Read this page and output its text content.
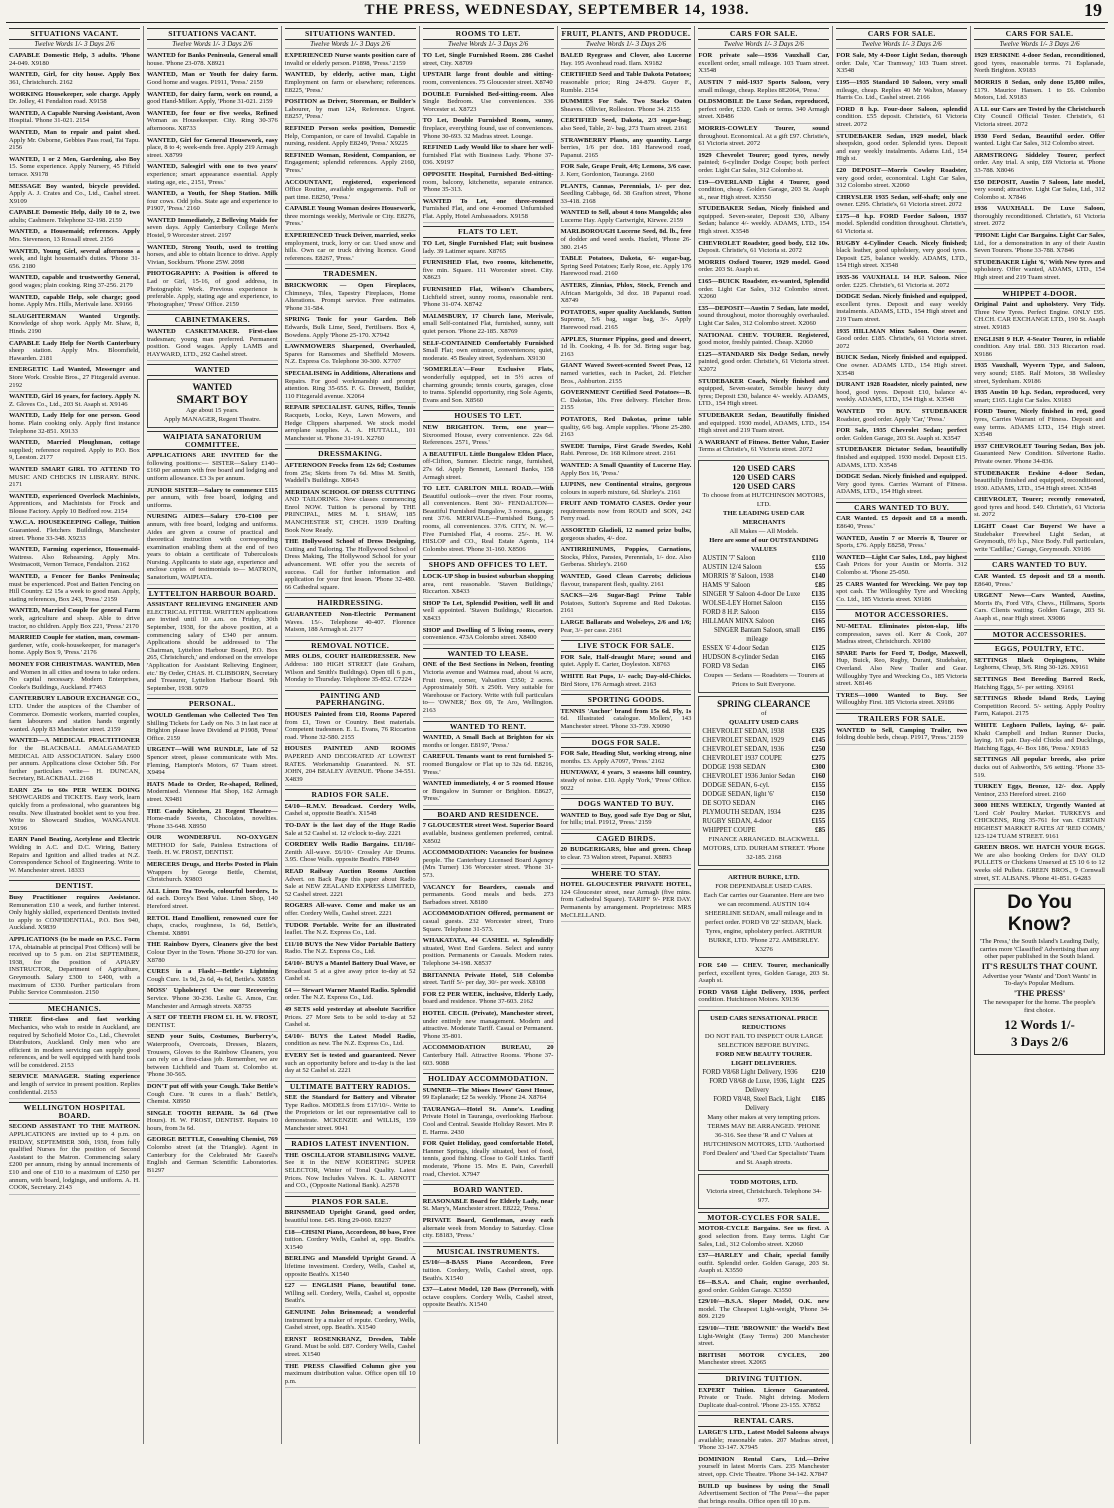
THE PRESS, WEDNESDAY, SEPTEMBER 14, 1938.	19
SITUATIONS VACANT.
Twelve Words 1/- 3 Days 2/6

CAPABLE Domestic Help, 3 adults. 'Phone 24-049. X9180

WANTED, Girl, for city house. Apply Box 361, Christchurch. 2162

WORKING Housekeeper, sole charge. Apply Dr. Jolley, 41 Fendalton road. X9158

WANTED, A Capable Nursing Assistant, Avon Hospital. 'Phone 31-021. 2154

WANTED, Man to repair and paint shed. Apply Mr. Osborne, Gebbies Pass road, Tai Tapu. 2156

WANTED, 1 or 2 Men, Gardening, also Boy 15. Some experience. Apply Nursery, 45 Fifield terrace. X9178

MESSAGE Boy wanted, bicycle provided. Apply A. J. Crates and Co., Ltd., Cashel street. X9109

CAPABLE Domestic Help, daily 10 to 2, two adults; Cashmere. Telephone 32-198. 2159

WANTED, a Housemaid; references. Apply Mrs. Stevenson, 13 Rossall street. 2156

WANTED, Young Girl, several afternoons a week, and light housemaid's duties. 'Phone 31-656. 2180

WANTED, capable and trustworthy General, good wages; plain cooking. Ring 37-256. 2179

WANTED, capable Help, sole charge; good home. Apply Mrs. Hills, Merivale lane. X9166

SLAUGHTERMAN Wanted Urgently. Knowledge of shop work. Apply Mr. Shaw, 8, Hinds. 2190

CAPABLE Lady Help for North Canterbury sheep station. Apply Mrs. Bloomfield, Hawarden. 2181

ENERGETIC Lad Wanted, Messenger and Store Work. Crosbie Bros., 27 Fitzgerald avenue. 2192

WANTED, Girl 16 years, for factory. Apply N. Z. Gloves Co., Ltd., 203 St. Asaph st. X9146

WANTED, Lady Help for one person. Good home. Plain cooking only. Apply first instance Telephone 32-851. X9133

WANTED, Married Ploughman, cottage supplied; reference required. Apply to P.O. Box 9, Leeston. 2177

WANTED SMART GIRL TO ATTEND TO MUSIC AND CHECKS IN LIBRARY. BINK. 2171

WANTED, experienced Overlock Machinists, Apprentices, and Machinists for Frock and Blouse Factory. Apply 10 Bedford row. 2154

Y.W.C.A. HOUSEKEEPING College, Tuition Guaranteed. Fletchers Buildings, Manchester street. 'Phone 33-348. X9233

WANTED, Farming experience, Housemaid-Waitress. Also Rehearsing. Apply Mrs. Westmacott, Vernon Terrace, Fendalton. 2162

WANTED, a Fencer for Banks Peninsula; must be experienced. Post and Batten Fencing on Hill Country. £2 15s a week to good man. Apply, stating references, Box 243, 'Press.' 2159

WANTED, Married Couple for general Farm work, agriculture and sheep. Able to drive tractor, no children. Apply Box 221, 'Press.' 2170

MARRIED Couple for station, man, cowman-gardener, wife, cook-housekeeper, for manager's home. Apply Box 9, 'Press.' 2176

MONEY FOR CHRISTMAS. WANTED, Men and Women in all cities and towns to take orders. No capital necessary. Modern Enterprises, Cooke's Buildings, Auckland. F7463

CANTERBURY LABOUR EXCHANGE CO., LTD. Under the auspices of the Chamber of Commerce. Domestic workers, married couples, farm labourers and station hands urgently wanted. Apply 83 Manchester street. 2159

WANTED—A MEDICAL PRACTITIONER for the BLACKBALL AMALGAMATED MEDICAL AID ASSOCIATION. Salary £600 per annum. Applications close October 5th. For further particulars write— H. DUNCAN, Secretary, BLACKBALL. 2168

EARN 25s to 60s PER WEEK DOING SHOWCARDS and TICKETS. Easy work, learn quickly from a professional, who guarantees big results. New illustrated booklet sent to you free. Write to Showcard Studios, WANGANUI. X9196

EARN Panel Beating, Acetylene and Electric Welding in A.C. and D.C. Wiring, Battery Repairs and Ignition and allied trades at N.Z. Correspondence School of Engineering. Write to W. Manchester street. 18333

DENTIST.

Busy Practitioner requires Assistance. Remuneration £10 a week, and further interest. Only highly skilled, experienced Dentists invited to apply to CONFIDENTIAL, P.O. Box 940, Auckland. X9839

APPLICATIONS (to be made on P.S.C. Form 17A, obtainable at principal Post Offices) will be received up to 5 p.m. on 21st SEPTEMBER, 1938, for the position of APIARY INSTRUCTOR, Department of Agriculture, Greymouth. Salary £300 to £400, with a maximum of £330. Further particulars from Public Service Commission. 2150

MECHANICS.

THREE first-class and fast working Mechanics, who wish to reside in Auckland, are required by Schofield Motor Co., Ltd., Chevrolet Distributors, Auckland. Only men who are efficient in modern servicing can supply good references, and be well equipped with hand tools will be considered. 2153

SERVICE MANAGER. Stating experience and length of service in present position. Replies confidential. 2153

WELLINGTON HOSPITAL BOARD.

SECOND ASSISTANT TO THE MATRON. APPLICATIONS are invited up to 4 p.m. on FRIDAY, SEPTEMBER 30th, 1938, from fully qualified Nurses for the position of Second Assistant to the Matron. Commencing salary £200 per annum, rising by annual increments of £10 and one of £10 to a maximum of £250 per annum, with board, lodgings, and uniform. A. H. COOK, Secretary. 2143

SITUATIONS VACANT.
Twelve Words 1/- 3 Days 2/6

WANTED for Banks Peninsula, General small house. 'Phone 23-078. X8921

WANTED, Man or Youth for dairy farm. Good home and wages. P1911, 'Press.' 2159

WANTED, for dairy farm, work on round, a good Hand-Milker. Apply, 'Phone 31-021. 2159

WANTED, for four or five weeks, Refined Woman as Housekeeper. City. Ring 30-376 afternoons. X8733

WANTED, Girl for General Housework, easy place, 8 to 4; week-ends free. Apply 219 Armagh street. X8799

WANTED, Salesgirl with one to two years' experience; smart appearance essential. Apply stating age, etc., 2151, 'Press.'

WANTED, a Youth, for Shop Station. Milk four cows. Odd jobs. State age and experience to P1907, 'Press.' 2160

WANTED Immediately, 2 Belleving Maids for seven days. Apply Canterbury College Men's Hostel, 9 Worcester street. 2197

WANTED, Strong Youth, used to trotting horses, and able to obtain licence to drive. Apply Vivian, Sockburn. 'Phone 25W. 2098

PHOTOGRAPHY: A Position is offered to Lad or Girl, 15-16, of good address, in Photographic Work. Previous experience is preferable. Apply, stating age and experience, to 'Photographer,' 'Press' Office. 2159

CABINETMAKERS.

WANTED CASKETMAKER. First-class tradesman; young man preferred. Permanent position. Good wages. Apply LAMB and HAYWARD, LTD., 292 Cashel street.

WANTED
WANTED
SMART BOY
Age about 15 years.
Apply MANAGER, Regent Theatre.
WAIPIATA SANATORIUM COMMITTEE.

APPLICATIONS ARE INVITED for the following positions:— SISTER—Salary £140–£160 per annum with free board and lodging and uniform allowance. £3 3s per annum.

JUNIOR SISTER—Salary to commence £115 per annum, with free board, lodging and uniforms.

NURSING AIDES—Salary £70–£100 per annum, with free board, lodging and uniforms. Aides are given a course of practical and theoretical instruction with corresponding examination enabling them at the end of two years to obtain a certificate of Tuberculosis Nursing. Applicants to state age, experience and enclose copies of testimonials to— MATRON, Sanatorium, WAIPIATA.

LYTTELTON HARBOUR BOARD.

ASSISTANT RELIEVING ENGINEER AND ELECTRICAL FITTER. WRITTEN applications are invited until 10 a.m. on Friday, 30th September, 1938, for the above position, at a commencing salary of £340 per annum. Applications should be addressed to 'The Chairman, Lyttelton Harbour Board, P.O. Box 265, Christchurch,' and endorsed on the envelope 'Application for Assistant Relieving Engineer, etc.' By Order, CHAS. H. CLIBBORN, Secretary and Treasurer, Lyttelton Harbour Board. 9th September, 1938. 9079

PERSONAL.

WOULD Gentleman who Collected Two Ten Shilling Tickets for Lady on No. 3 in last race at Brighton please leave Dividend at P1908, 'Press' Office. 2159

URGENT—Will WM RUNDLE, late of 52 Spencer street, please communicate with Mrs. Fleming, Hampton's Motors, 67 Tuam street. X9494

HATS Made to Order, Re-shaped, Relined, Modernised. Viennese Hat Shop, 162 Armagh street. X9481

THE Candy Kitchen, 21 Regent Theatre—Home-made Sweets, Chocolates, novelties. 'Phone 33-648. X8950

OUR WONDERFUL NO-OXYGEN METHOD for Safe, Painless Extractions of Teeth. H. W. FROST, DENTIST.

MERCERS Drugs, and Herbs Posted in Plain Wrappers by George Bettle, Chemist, Christchurch. X9803

ALL Linen Tea Towels, colourful borders, 1s 6d each. Dorcy's Best Value. Linen Shop, 140 Hereford street.

RETOL Hand Emollient, renowned cure for chaps, cracks, roughness, 1s 6d, Bettle's, Chemist. X8891

THE Rainbow Dyers, Cleaners give the best Colour Dyer in the Town. 'Phone 30-270 for van. X8780

CURES in a Flash!—Bettle's Lightning Cough Cure. 1s 9d, 2s 6d, 4s 6d, Bettle's. X8855

MOSS' Upholstery! Use our Recovering Service. 'Phone 30-236. Leslie G. Amos, Cnr. Manchester and Armagh streets. X8755

A SET OF TEETH FROM £1. H. W. FROST, DENTIST.

SEND your Suits, Costumes, Burberry's, Waterproofs, Overcoats, Dresses, Blazers, Trousers, Gloves to the Rainbow Cleaners, you can rely on a first-class job. Remember, we are between Lichfield and Tuam st. Colombo st. 'Phone 30-565.

DON'T put off with your Cough. Take Bettle's Cough Cure. 'It cures in a flash.' Bettle's, Chemist. X8950

SINGLE TOOTH REPAIR. 3s 6d (Two Hours). H. W. FROST, DENTIST. Repairs 10 hours, from 3s 6d.

GEORGE BETTLE, Consulting Chemist, 769 Colombo street (at the Triangle). Agent in Canterbury for the Celebrated Mr Gasrel's English and German Scientific Laboratories. B1297

SITUATIONS WANTED.
Twelve Words 1/- 3 Days 2/6

EXPERIENCED Nurse wants position care of invalid or elderly person. P1898, 'Press.' 2159

WANTED, by elderly, active man, Light Employment on farm or elsewhere; references. E8225, 'Press.'

POSITION as Driver, Storeman, or Builder's Labourer, by man 124, Reference. Urgent. E8257, 'Press.'

REFINED Person seeks position, Domestic Help, Companion, or care of Invalid. Capable in nursing, resident. Apply E8249, 'Press.' X9225

REFINED Woman, Resident, Companion, or Engagement; splendid references. Apply 2160, 'Press.'

ACCOUNTANT, registered, experienced Office Routine, available engagements. Full or part time. E8250, 'Press.'

CAPABLE Young Woman desires Housework, three mornings weekly, Merivale or City. E8276, 'Press.'

EXPERIENCED Truck Driver, married, seeks employment, truck, lorry or car. Used snow and hills. Own car or truck driving licence. Good references. E8267, 'Press.'

TRADESMEN.

BRICKWORK — Open Fireplaces, Chimneys, Tiles, Tapestry Fireplaces, Home Alterations. Prompt service. Free estimates. 'Phone 31-584.

SPRING Tonic for your Garden. Bob Edwards, Bulk Lime, Seed, Fertilisers. Box 4, Bowdens. Apply 'Phone 25-170. X7942

LAWNMOWERS Sharpened, Overhauled, Spares for Ransomes and Sheffield Mowers. N.Z. Express Co. Telephone 30-300. X7707

SPECIALISING in Additions, Alterations and Repairs. For good workmanship and prompt attention. Ring 35-655. F. G. Drewett, Builder, 110 Fitzgerald avenue. X2064

REPAIR SPECIALIST. GUNS, Rifles, Tennis Racquets, Locks, Keys, Lawn Mowers, and Hedge Clippers sharpened. We stock model aeroplane supplies. A. A. HUTTALL, 101 Manchester st. 'Phone 31-191. X2760

DRESSMAKING.

AFTERNOON Frocks from 12s 6d; Costumes from 25s; Skirts from 7s 6d. Miss M. Smith, Waddell's Buildings. X8643

MERIDIAN SCHOOL OF DRESS CUTTING AND TAILORING. New classes commencing Enrol NOW. Tuition is personal by THE PRINCIPAL, MRS M. I. SHAW, 185 MANCHESTER ST, CHCH. 1939 Drafting Book Now Ready.

THE Hollywood School of Dress Designing, Cutting and Tailoring. The Hollywood School of Dress Making, The Hollywood School for your advancement. WE offer you the secrets of success. Call for further information and application for your first lesson. 'Phone 32-480. 66 Cathedral square.

HAIRDRESSING.

GUARANTEED Non-Electric Permanent Waves. 15/-. Telephone 40-407. Florence Maison, 188 Armagh st. 2177

REMOVAL NOTICE.

MRS OLDS, COURT HAIRDRESSER. New Address: 180 HIGH STREET (late Graham, Wilson and Smith's Buildings). Open till 6 p.m., Monday to Thursday. Telephone 35-852. C7224

PAINTING AND PAPERHANGING.

HOUSES Painted from £10, Rooms Papered from £1, Town or Country. Best materials. Competent tradesmen. E. L. Evans, 76 Riccarton road. 'Phone 32-580. 2155

HOUSES PAINTED AND ROOMS PAPERED AND DECORATED AT LOWEST RATES. Workmanship Guaranteed. N. ST. JOHN, 204 BEALEY AVENUE. 'Phone 34-551. X4839

RADIOS FOR SALE.

£4/10—R.M.V. Broadcast. Cordery Wells, Cashel st, opposite Beath's. X1548

TO-DAY is the last day of the Huge Radio Sale at 52 Cashel st. 12 o'clock to-day. 2221

CORDERY Wells Radio Bargains. £11/10/- Zenith All-wave. £6/10/- Crossley Air Drums. 3.95. Chose Walls. opposite Beath's. F8849

READ Railway Auction Rooms Auction Advert. on Back Page this paper about Radio Sale at NEW ZEALAND EXPRESS LIMITED, 52 Cashel street. 2221

ROGERS All-wave. Come and make us an offer. Cordery Wells, Cashel street. 2221

TUDOR Portable. Write for an illustrated leaflet. The N.Z. Express Co., Ltd.

£11/10 BUYS the New Vidor Portable Battery Radio. The N.Z. Express Co., Ltd.

£4/10/- BUYS a Mantel Battery Dual Wave, or Broadcast 5 at a give away price to-day at 52 Cashel st.

£4 — Stewart Warner Mantel Radio. Splendid order. The N.Z. Express Co., Ltd.

49 SETS sold yesterday at absolute Sacrifice Prices. 27 More Sets to be sold to-day at 52 Cashel st.

£4/10/- BUYS the Latest Model Radio, condition as new. The N.Z. Express Co., Ltd.

EVERY Set is tested and guaranteed. Never such an opportunity before and to-day is the last day at 52 Cashel st. 2221

ULTIMATE BATTERY RADIOS.

SEE the Standard for Battery and Vibrator Type Radios. MODELS from £17/10/-. Write to the Proprietors or let our representative call to demonstrate. MCKENZIE and WILLIS, 159 Manchester street. 9041

RADIOS LATEST INVENTION.

THE OSCILLATOR STABILISING VALVE. See it in the NEW KOERTING SUPER SELECTOR, Winter of Tonal Quality. Latest Prices. Now Includes Valves. K. L. ARNOTT and CO., (Opposite National Bank). A2578

PIANOS FOR SALE.

BRINSMEAD Upright Grand, good order, beautiful tone. £45. Ring 29-060. E8237

£18—CHSINI Piano, Accordeon, 80 bass, Free tuition. Cordery Wells, Cashel st, opp. Beath's. X1540

BERLING and Mansfeld Upright Grand. A lifetime investment. Cordery, Wells, Cashel st, opposite Beath's. X1540

£27 — ENGLISH Piano, beautiful tone. Willing sell. Cordery, Wells, Cashel st, opposite Beath's.

GENUINE John Brinsmead; a wonderful instrument by a maker of repute. Cordery, Wells, Cashel street, opp. Beath's. X1540

ERNST ROSENKRANZ, Dresden, Table Grand. Must be sold. £87. Cordery Wells, Cashel street. X1540

THE PRESS Classified Column give you maximum distribution value. Office open till 10 p.m.

ROOMS TO LET.
Twelve Words 1/- 3 Days 2/6

TO Let, Single Furnished Room. 286 Cashel street, City. X8709

UPSTAIR large front double and sitting-room, conveniences. 75 Gloucester street. X8740

DOUBLE Furnished Bed-sitting-room. Also Single Bedroom. Use conveniences. 336 Worcester st. X8723

TO Let, Double Furnished Room, sunny, fireplace, everything found, use of conveniences. 'Phone 30-693. 32 Madras street. Lounge.

REFINED Lady Would like to share her well-furnished Flat with Business Lady. 'Phone 37-036. X9197

OPPOSITE Hospital, Furnished Bed-sitting-room, balcony, kitchenette, separate entrance. 'Phone 35-313.

WANTED To Let, one three-roomed Furnished Flat, and one 4-roomed Unfurnished Flat. Apply, Hotel Ambassadors. X9158

FLATS TO LET.

TO Let, Single Furnished Flat; suit business lady. 39 Latimer square. X8765

FURNISHED Flat, two rooms, kitchenette, five min. Square. 111 Worcester street. City. X8623

FURNISHED Flat, Wilson's Chambers, Lichfield street, sunny rooms, reasonable rent. 'Phone 31-074. X8742

MALMSBURY, 17 Church lane, Merivale, small Self-contained Flat, furnished, sunny, suit quiet person. 'Phone 22-185. X8769

SELF-CONTAINED Comfortably Furnished Small Flat; own entrance, conveniences; quiet, moderate. 45 Bealey street, Sydenham. X9130

'SOMERLEA'—Four Exclusive Flats, wonderfully equipped, set in 5½ acres of charming grounds; tennis courts, garages, close to trams. Splendid opportunity, ring Sole Agents, Evans and Son. X8560

HOUSES TO LET.

NEW BRIGHTON. Term, one year—Sixroomed House, every convenience. 22s 6d. References. 2571, 'Press.'

A BEAUTIFUL Little Bungalow Eldon Place, off-Clifton, Sumner. Electric range, furnished, 27s 6d. Apply Bennett, Leonard Banks, 158 Armagh street.

TO LET. CARLTON MILL ROAD.—With Beautiful outlook—over the river. Four rooms, all conveniences. Rent 30/- FENDALTON—Beautiful Furnished Bungalow, 3 rooms, garage; rent 37/6. MERIVALE—Furnished Bung., 5 rooms, all conveniences. 37/6. CITY, N. W.—Five Furnished Flat, 4 rooms. 25/-. H. W. HISLOP and CO., Real Estate Agents, 114 Colombo street. 'Phone 31-160. X8506

SHOPS AND OFFICES TO LET.

LOCK-UP Shop in busiest suburban shopping area, rent reasonable. 'Staven Buildings,' Riccarton. X8433

SHOP To Let, Splendid Position, well lit and well appointed. 'Staven Buildings,' Riccarton. X8433

SHOP and Dwelling of 5 living rooms, every convenience. 473A Colombo street. X8400

WANTED TO LEASE.

ONE of the Best Sections in Nelson, fronting Victoria avenue and Waimea road, about ¼ acre, Fruit trees, corner, Valuation £350; 2 acres. Approximately 50ft. x 250ft. Very suitable for Warehouse or Factory. Write with full particulars to— 'OWNER,' Box 69, Te Aro, Wellington. 2163

WANTED TO RENT.

WANTED, A Small Bach at Brighton for six months or longer. E8197, 'Press.'

CAREFUL Tenants want to rent furnished 5-roomed Bungalow or Flat up to 32s 6d. E8216, 'Press.'

WANTED immediately, 4 or 5 roomed House or Bungalow in Sumner or Brighton. E8627, 'Press.'

BOARD AND RESIDENCE.

7 GLOUCESTER street West. Superior Board available, business gentlemen preferred, central. X8502

ACCOMMODATION: Vacancies for business people. The Canterbury Licensed Board Agency (Mrs Turner) 136 Worcester street. 'Phone 31-573.

VACANCY for Boarders, casuals and permanents. Good meals and beds. 273 Barbadoes street. X8180

ACCOMMODATION Offered, permanent or casual guests. 232 Worcester street, Truro Square. Telephone 31-573.

WHAKATATA, 44 CASHEL st. Splendidly situated, West End Gardens. Select and sunny position. Permanents or Casuals. Modern rates. Telephone 34-198. X8537

BRITANNIA Private Hotel, 518 Colombo street. Tariff 5/- per day, 30/- per week. X8108

FOR £2 PER WEEK, inclusive, Elderly Lady, board and residence. 'Phone 37-603. 2162

HOTEL CECIL (Private), Manchester street, under entirely new management. Modern and attractive. Moderate Tariff. Casual or Permanent. 'Phone 35-801.

ACCOMMODATION BUREAU, 20 Canterbury Hall. Attractive Rooms. 'Phone 37-603. 9088

HOLIDAY ACCOMMODATION.

SUMNER—The Misses Howes' Guest House, 99 Esplanade; £2 5s weekly. 'Phone 24. X8764

TAURANGA—Hotel St. Anne's. Leading Private Hotel in Tauranga, overlooking Harbour. Cool and Central. Seaside Holiday Resort. Mrs P. E. Harms. 2430

FOR Quiet Holiday, good comfortable Hotel, Hanmer Springs, ideally situated, best of food, tennis, good fishing. Close to Golf Links. Tariff moderate, 'Phone 15. Mrs E. Pain, Caverhill road, Cheviot. X7947

BOARD WANTED.

REASONABLE Board for Elderly Lady, near St. Mary's, Manchester street. E8222, 'Press.'

PRIVATE Board, Gentleman, away each alternate week from Monday to Saturday. Close city. E8183, 'Press.'

MUSICAL INSTRUMENTS.

£5/10/—8-BASS Piano Accordeon, Free tuition. Cordery, Wells, Cashel street, opp. Beath's. X1540

£37—Latest Model, 120 Bass (Perronel), with octave couplers. Cordery Wells, Cashel street, opposite Beath's. X1540

FRUIT, PLANTS, AND PRODUCE.
Twelve Words 1/- 3 Days 2/6

BALED Ryegrass and Clover, also Lucerne Hay. 195 Avonhead road. Ilam. X9182

CERTIFIED Seed and Table Dakota Potatoes; reasonable price; Ring 24-879. Guyer F., Rumble. 2154

DUMMIES For Sale. Two Stacks Oaten Sheaves. Ollivier, Rolleston. 'Phone 34. 2155

CERTIFIED Seed, Dakota, 2/3 sugar-bag; also Seed, Table, 2/- bag, 273 Tuam street. 2161

STRAWBERRY Plants, any quantity. Large berries, 1/6 per doz. 181 Harewood road, Papanui. 2165

FOR Sale, Grape Fruit, 4/6; Lemons, 3/6 case. J. Kerr, Gordonton, Tauranga. 2160

PLANTS, Cannas, Perennials, 1/- per doz. Seedling Cabbage, 6d. 38 Grafton street, 'Phone 33-418. 2168

WANTED to Sell, about 4 tons Mangolds; also Lucerne Hay. Apply Cartwright, Kirwee. 2159

MARLBOROUGH Lucerne Seed, 8d. lb., free of dodder and weed seeds. Hazlett, 'Phone 26-380. 2145

TABLE Potatoes, Dakota, 6/- sugar-bag, Spring Seed Potatoes; Early Rose, etc. Apply 176 Harewood road. 2160

ASTERS, Zinnias, Phlox, Stock, French and African Marigolds, 3d doz. 18 Papanui road. X8749

POTATOES, super quality Aucklands, Sutton Supreme, 5/6 bag, sugar bag, 3/-. Apply Harewood road. 2165

APPLES, Sturmer Pippins, good and dessert, 1d lb. Cooking, 4 lb. for 3d. Bring sugar bag. 2163

GIANT Waved Sweet-scented Sweet Peas, 12 named varieties, each in Packet, 2d. Fletcher Bros., Ashburton. 2155

GOVERNMENT Certified Seed Potatoes—B. C. Dakotas, 10s. Free delivery. Fletcher Bros. 2155

POTATOES, Red Dakotas, prime table quality, 6/6 bag. Ample supplies. 'Phone 25-280. 2163

SWEDE Turnips, First Grade Swedes, Kohl Rabi. Penrose, Dr. 168 Kilmore street. 2161

WANTED: A Small Quantity of Lucerne Hay. Apply Box 16, 'Press.'

LUPINS, new Continental strains, gorgeous colours in superb mixture, 6d. Shirley's. 2161

FRUIT AND TOMATO CASES. Order your requirements now from ROUD and SON, 242 Ferry road.

ASSORTED Gladioli, 12 named prize bulbs, gorgeous shades, 4/- doz.

ANTIRRHINUMS, Poppies, Carnations, Stocks, Phlox, Pansies, Perennials, 1/- doz. Also Gerberas. Shirley's. 2160

WANTED, Good Clean Carrots; delicious flavour, transparent flesh, quality. 2161

SACKS—2/6 Sugar-Bag! Prime Table Potatoes, Sutton's Supreme and Red Dakotas. 2161

LARGE Ballarats and Wolseleys, 2/6 and 1/6; Pear, 3/- per case. 2161

LIVE STOCK FOR SALE.

FOR Sale, Half-draught Mare; sound and quiet. Apply E. Carter, Doyleston. X8763

WHITE Rat Pups, 1/- each; Day-old-Chicks. Bird Store, 176 Armagh street. 2163

SPORTING GOODS.

TENNIS 'Anchor' brand from 15s 6d. Fly, 1s 6d. Illustrated catalogue. Mollers', 143 Manchester street. 'Phone 33-739. X9090

DOGS FOR SALE.

FOR Sale, Heading Slut, working strong, nine months. £3. Apply A7097, 'Press.' 2162

HUNTAWAY, 4 years, 3 seasons hill country, steady of noise. £10. Apply 'York,' 'Press' Office. 9022

DOGS WANTED TO BUY.

WANTED to Buy, good safe Eye Dog or Slut, for hills; trial. P1912, 'Press.' 2159

CAGED BIRDS.

20 BUDGERIGARS, blue and green. Cheap to clear. 73 Walton street, Papanui. X8893

WHERE TO STAY.

HOTEL GLOUCESTER PRIVATE HOTEL, 124 Gloucester street, near Armagh (five mins. from Cathedral Square). TARIFF 9/- PER DAY. Permanents by arrangement. Proprietress: MRS McCLELLAND.

CARS FOR SALE.
Twelve Words 1/- 3 Days 2/6

FOR private sale—1936 Vauxhall Car, excellent order, small mileage. 103 Tuam street. X3548

AUSTIN 7 mid-1937 Sports Saloon, very small mileage, cheap. Replies 8E2064, 'Press.'

OLDSMOBILE De Luxe Sedan, reproduced, perfect order, £320. Cash or terms. 340 Armagh street. X8486

MORRIS-COWLEY Tourer, sound throughout. Economical. At a gift £97. Christie's, 61 Victoria street. 2072

1929 Chevrolet Tourer; good tyres, newly painted; 6-cylinder Dodge Coupe; both perfect order. Light Car Sales, 312 Colombo st.

£19—OVERLAND Light 4 Tourer, good condition, cheap. Golden Garage, 203 St. Asaph st., near High street. X3550

STUDEBAKER Sedan, Nicely finished and equipped. Seven-seater, Deposit £30, Albany Sedan; balance 4/- weekly. ADAMS, LTD., 154 High street. X3548

CHEVROLET Roadster, good body, £12 10s. Deposit. Christie's, 61 Victoria st. 2072

MORRIS Oxford Tourer, 1929 model. Good order. 203 St. Asaph st.

£165—BUICK Roadster, ex-wanted, Splendid order. Light Car Sales, 312 Colombo street. X2060

£35—DEPOSIT—Austin 7 Sedan, late model, sound throughout, motor thoroughly overhauled. Light Car Sales, 312 Colombo street. X2060

NATIONAL CHEV. TOURER. Registered, good motor, freshly painted. Cheap. X2060

£125—STANDARD Six Dodge Sedan, newly painted, good order. Christie's, 61 Victoria street. X2072

STUDEBAKER Coach, Nicely finished and equipped, Seven-seater, Sensible heavy duty tyres; Deposit £30, balance 4/- weekly. ADAMS, LTD., 154 High street.

STUDEBAKER Sedan, Beautifully finished and equipped. 1930 model, ADAMS, LTD., 154 High street and 219 Tuam street.

A WARRANT of Fitness. Better Value, Easier Terms at Christie's, 61 Victoria street. 2072

120 USED CARS
120 USED CARS
120 USED CARS
To choose from at HUTCHINSON MOTORS, LTD.
THE LEADING USED CAR MERCHANTS
All Makes — All Models.
Here are some of our OUTSTANDING VALUES
AUSTIN '7' Saloon	£110
AUSTIN 12/4 Saloon	£55
MORRIS '8' Saloon, 1938	£140
HAMS '9' Saloon	£85
SINGER '9' Saloon 4-door De Luxe £135
WOLSE-LEY Hornet Saloon	£155
FORD 8 H.P. Saloon	£155
HILLMAN MINX Saloon	£165
SINGER Bantam Saloon, small mileage
£195
ESSEX '6' 4-door Sedan	£125
HUDSON 8-cylinder Sedan	£165
FORD V8 Sedan	£165
Coupes — Sedans — Roadsters — Tourers at Prices to Suit Everyone.
SPRING CLEARANCE
of
QUALITY USED CARS
CHEVROLET SEDAN, 1938	£325
CHEVROLET SEDAN, 1929	£145
CHEVROLET SEDAN, 1936	£250
CHEVROLET 1937 COUPE	£275
DODGE 1938 SEDAN	£300
CHEVROLET 1936 Junior Sedan £160
DODGE SEDAN, 6-cyl.	£155
DODGE SEDAN, light '6'	£150
DE SOTO SEDAN	£165
PLYMOUTH SEDAN, 1934	£235
RUGBY SEDAN, 4-door	£155
WHIPPET COUPE	£85
FINANCE ARRANGED. BLACKWELL MOTORS, LTD. DURHAM STREET. 'Phone 32-185. 2168
ARTHUR BURKE, LTD.
FOR DEPENDABLE USED CARS.
Each Car carries our Guarantee. Here are two we can recommend. AUSTIN 10/4 SHEERLINE SEDAN, small mileage and in perfect order. FORD V8 '22' SEDAN, black. Tyres, engine, upholstery perfect. ARTHUR BURKE, LTD. 'Phone 272. AMBERLEY. X3276

FOR £40 — CHEV. Tourer, mechanically perfect, excellent tyres, Golden Garage, 203 St. Asaph st.

FORD V8/68 Light Delivery, 1936, perfect condition. Hutchinson Motors. X9136

USED CARS SENSATIONAL PRICE REDUCTIONS
DO NOT FAIL TO INSPECT OUR LARGE SELECTION BEFORE BUYING.
FORD NEW BEAUTY TOURER.
LIGHT DELIVERIES.
FORD V8/68 Light Delivery, 1936 £210
FORD V8/68 de Luxe, 1936, Light Delivery
£225
FORD V8/48, Steel Back, Light Delivery
£185
Many other makes at very tempting prices. TERMS MAY BE ARRANGED. 'PHONE 36-316. See these 'R and C' Values at HUTCHINSON MOTORS, LTD. 'Authorised Ford Dealers' and 'Used Car Specialists' Tuam and St. Asaph streets.
TODD MOTORS, LTD.
Victoria street, Christchurch. Telephone 34-977.
MOTOR-CYCLES FOR SALE.

MOTOR-CYCLE Bargains. See us first. A good selection from. Easy terms. Light Car Sales, Ltd., 312 Colombo street. X2060

£37—HARLEY and Chair, special family outfit. Splendid order. Golden Garage, 203 St. Asaph st. X3550

£6—B.S.A. and Chair, engine overhauled, good order. Golden Garage. X3550

£29/10/—B.S.A. Sloper Model, O.K. new model. The Cheapest Light-weight, 'Phone 34-809. 2129

£29/10/—THE 'BROWNIE' the World's Best Light-Weight (Easy Terms) 200 Manchester street.

BRITISH MOTOR CYCLES, 200 Manchester street. X2065

DRIVING TUITION.

EXPERT Tuition. Licence Guaranteed. Private or Trade. Night driving. Modern Duplicate dual-control. 'Phone 23-155. X7852

RENTAL CARS.

LARGE'S LTD., Latest Model Saloons always available; reasonable rates. 207 Madras street, 'Phone 33-147. X7945

DOMINION Rental Cars, Ltd.—Drive yourself in latest Morris Cars. 235 Manchester street, opp. Civic Theatre. 'Phone 34-142. X7847

BUILD up business by using the Small Advertisement Section of 'The Press'—the paper that brings results. Office open till 10 p.m.

CARS FOR SALE.
Twelve Words 1/- 3 Days 2/6

FOR Sale, My 4-Door Light Sedan, thorough order. Dale, 'Car Tramway,' 103 Tuam street. X3548

£195—1935 Standard 10 Saloon, very small mileage, cheap. Replies 40 Mr Walton, Massey Harris Co. Ltd., Cashel street. 2166

FORD 8 h.p. Four-door Saloon, splendid condition. £55 deposit. Christie's, 61 Victoria street. 2072

STUDEBAKER Sedan, 1929 model, black sheepskin, good order. Splendid tyres. Deposit and easy weekly instalments. Adams Ltd., 154 High st.

£20 DEPOSIT—Morris Cowley Roadster, very good order, economical. Light Car Sales, 312 Colombo street. X2060

CHRYSLER 1935 Sedan, self-shaft; only one owner. £295. Christie's, 61 Victoria street. 2072

£175—8 h.p. FORD Fordor Saloon, 1937 model. Splendid condition throughout. Christie's, 61 Victoria st.

RUGBY 4-Cylinder Coach. Nicely finished; black leather, good upholstery, very good tyres. Deposit £25, balance weekly. ADAMS, LTD., 154 High street. X3548

1935-36 VAUXHALL 14 H.P. Saloon. Nice order. £225. Christie's, 61 Victoria st. 2072

DODGE Sedan. Nicely finished and equipped, excellent tyres. Deposit and easy weekly instalments. ADAMS, LTD., 154 High street and 219 Tuam street.

1935 HILLMAN Minx Saloon. One owner. Good order. £185. Christie's, 61 Victoria street. 2072

BUICK Sedan, Nicely finished and equipped. One owner. ADAMS LTD., 154 High street. X3548

DURANT 1928 Roadster, nicely painted, new hood, good tyres. Deposit £10, balance 4/- weekly. ADAMS, LTD., 154 High st. X3548

WANTED TO BUY. STUDEBAKER Roadster, good order. Apply 'Car,' 'Press.'

FOR Sale, 1935 Chevrolet Sedan; perfect order. Golden Garage, 203 St. Asaph st. X3547

STUDEBAKER Dictator Sedan, beautifully finished and equipped. 1930 model. Deposit £15. ADAMS, LTD. X3548

DODGE Sedan. Nicely finished and equipped. Very good tyres. Carries Warrant of Fitness. ADAMS, LTD., 154 High street.

CARS WANTED TO BUY.

CAR Wanted. £5 deposit and £8 a month. E8640, 'Press.'

WANTED, Austin 7 or Morris 8, Tourer or Sports, £76. Apply E8258, 'Press.'

WANTED—Light Car Sales, Ltd., pay highest Cash Prices for your Austin or Morris. 312 Colombo st. 'Phone 25-050.

25 CARS Wanted for Wrecking. We pay top spot cash. The Willoughby Tyre and Wrecking Co. Ltd., 185 Victoria street. X9186

MOTOR ACCESSORIES.

NU-METAL Eliminates piston-slap, lifts compression, saves oil. Kerr & Cook, 207 Madras street, Christchurch. X9180

SPARE Parts for Ford T, Dodge, Maxwell, Hup, Buick, Reo, Rugby, Durant, Studebaker, Overland. Also New Trailer and Gear. Willoughby Tyre and Wrecking Co., 185 Victoria street. X8146

TYRES—1000 Wanted to Buy. See Willoughby First. 185 Victoria street. X9186

TRAILERS FOR SALE.

WANTED to Sell, Camping Trailer, two folding double beds, cheap. P1917, 'Press.' 2159

CARS FOR SALE.
Twelve Words 1/- 3 Days 2/6

1929 ERSKINE 4-door Sedan, reconditioned, good tyres, reasonable terms. 71 Esplanade, North Brighton. X9183

MORRIS 8 Sedan, only done 15,800 miles, £179. Maurice Hansen. 1 to £6. Colombo Motors, Ltd. X9183

A LL our Cars are Tested by the Christchurch City Council Official Tester. Christie's, 61 Victoria street. 2072

1930 Ford Sedan, Beautiful order. Offer wanted. Light Car Sales, 312 Colombo street.

ARMSTRONG Siddeley Tourer, perfect order. Any trial. A snip, £69 Victoria st. 'Phone 33-788. X8046

£50 DEPOSIT, Austin 7 Saloon, late model, very sound; attractive. Light Car Sales, Ltd., 312 Colombo st. X7846

1936 VAUXHALL De Luxe Saloon, thoroughly reconditioned. Christie's, 61 Victoria street. 2072

'PHONE Light Car Bargains. Light Car Sales, Ltd., for a demonstration in any of their Austin Seven Tourers. 'Phone 33-788. X7846

STUDEBAKER Light '6,' With New tyres and upholstery. Offer wanted, ADAMS, LTD., 154 High street and 219 Tuam street.

WHIPPET 4-DOOR.

Original Paint and upholstery. Very Tidy. Three New Tyres. Perfect Engine. ONLY £95. CH.CH. CAR EXCHANGE LTD., 190 St. Asaph street. X9183

ENGLISH 9 H.P. 4-Seater Tourer, in reliable condition. Any trial. £80. 313 Riccarton road. X9186

1935 Vauxhall, Wyvern Type, and Saloon, very sound; £185. Ralf Motors, 38 Wellesley street, Sydenham. X9186

1935 Austin 10 h.p. Sedan, reproduced, very smart; £165. Light Car Sales. X9183

FORD Tourer, Nicely finished in red, good tyres, Carries Warrant of Fitness. Deposit and easy terms. ADAMS LTD., 154 High street. X3548

1937 CHEVROLET Touring Sedan, Box job. Guaranteed New Condition. Silvertone Radio. Private owner. 'Phone 34-836.

STUDEBAKER Erskine 4-door Sedan, beautifully finished and equipped, reconditioned, 1930. ADAMS, LTD., 154 High street. X3548

CHEVROLET, Tourer; recently renovated, good tyres and hood. £49. Christie's, 61 Victoria st. 2072

LIGHT Coast Car Buyers! We have a Studebaker Freewheel Light Sedan, at Greymouth, 6½ h.p., Nice Body. Full particulars, write 'Cadillac,' Garage, Greymouth. X9186

CARS WANTED TO BUY.

CAR Wanted. £5 deposit and £8 a month. E8640, 'Press.'

URGENT News—Cars Wanted, Austins, Morris 8's, Ford V8's, Chevs., Hillmans, Sports Cars. Clients waiting. Golden Garage, 203 St. Asaph st., near High street. X9086

MOTOR ACCESSORIES.
EGGS, POULTRY, ETC.

SETTINGS Black Orpingtons, White Leghorns, Cheap, 3/6. Ring 30-126. X9161

SETTINGS Best Breeding Barred Rock, Hatching Eggs, 5/- per setting. X9161

SETTINGS Rhode Island Reds, Laying Competition Record. 5/- setting. Apply Poultry Farm, Kaiapoi. 2175

WHITE Leghorn Pullets, laying, 6/- pair. Khaki Campbell and Indian Runner Ducks, laying. 1/6 pair. Day-old Chicks and Ducklings, Hatching Eggs, 4/- Box 186, 'Press.' X9183

SETTINGS All popular breeds, also prize ducks out of Ashworth's, 5/6 setting. 'Phone 33-519.

TURKEY Eggs, Bronze, 12/- doz. Apply Ventnor, 233 Hereford street. 2160

3000 HENS WEEKLY, Urgently Wanted at 'Lord Cob' Poultry Market. TURKEYS and CHICKENS, Ring 35-761 for van. CERTAIN HIGHEST MARKET RATES AT 'RED COMB,' 123-124 TUAM STREET. 9161

GREEN BROS. WE HATCH YOUR EGGS. We are also booking Orders for DAY OLD PULLETS or Chickens Unsexed at £5 10 6 to 12 weeks old Pullets. GREEN BROS., 9 Cornwall street, ST. ALBANS. 'Phone 41-851. G4283

Do You Know?

'The Press,' the South Island's Leading Daily, carries more 'Classified' Advertising than any other paper published in the South Island.

IT'S RESULTS THAT COUNT.

Advertise your 'Wants' and 'Don't Wants' in To-day's Popular Medium.

'THE PRESS'

The newspaper for the home. The people's first choice.

12 Words 1/-

3 Days 2/6
